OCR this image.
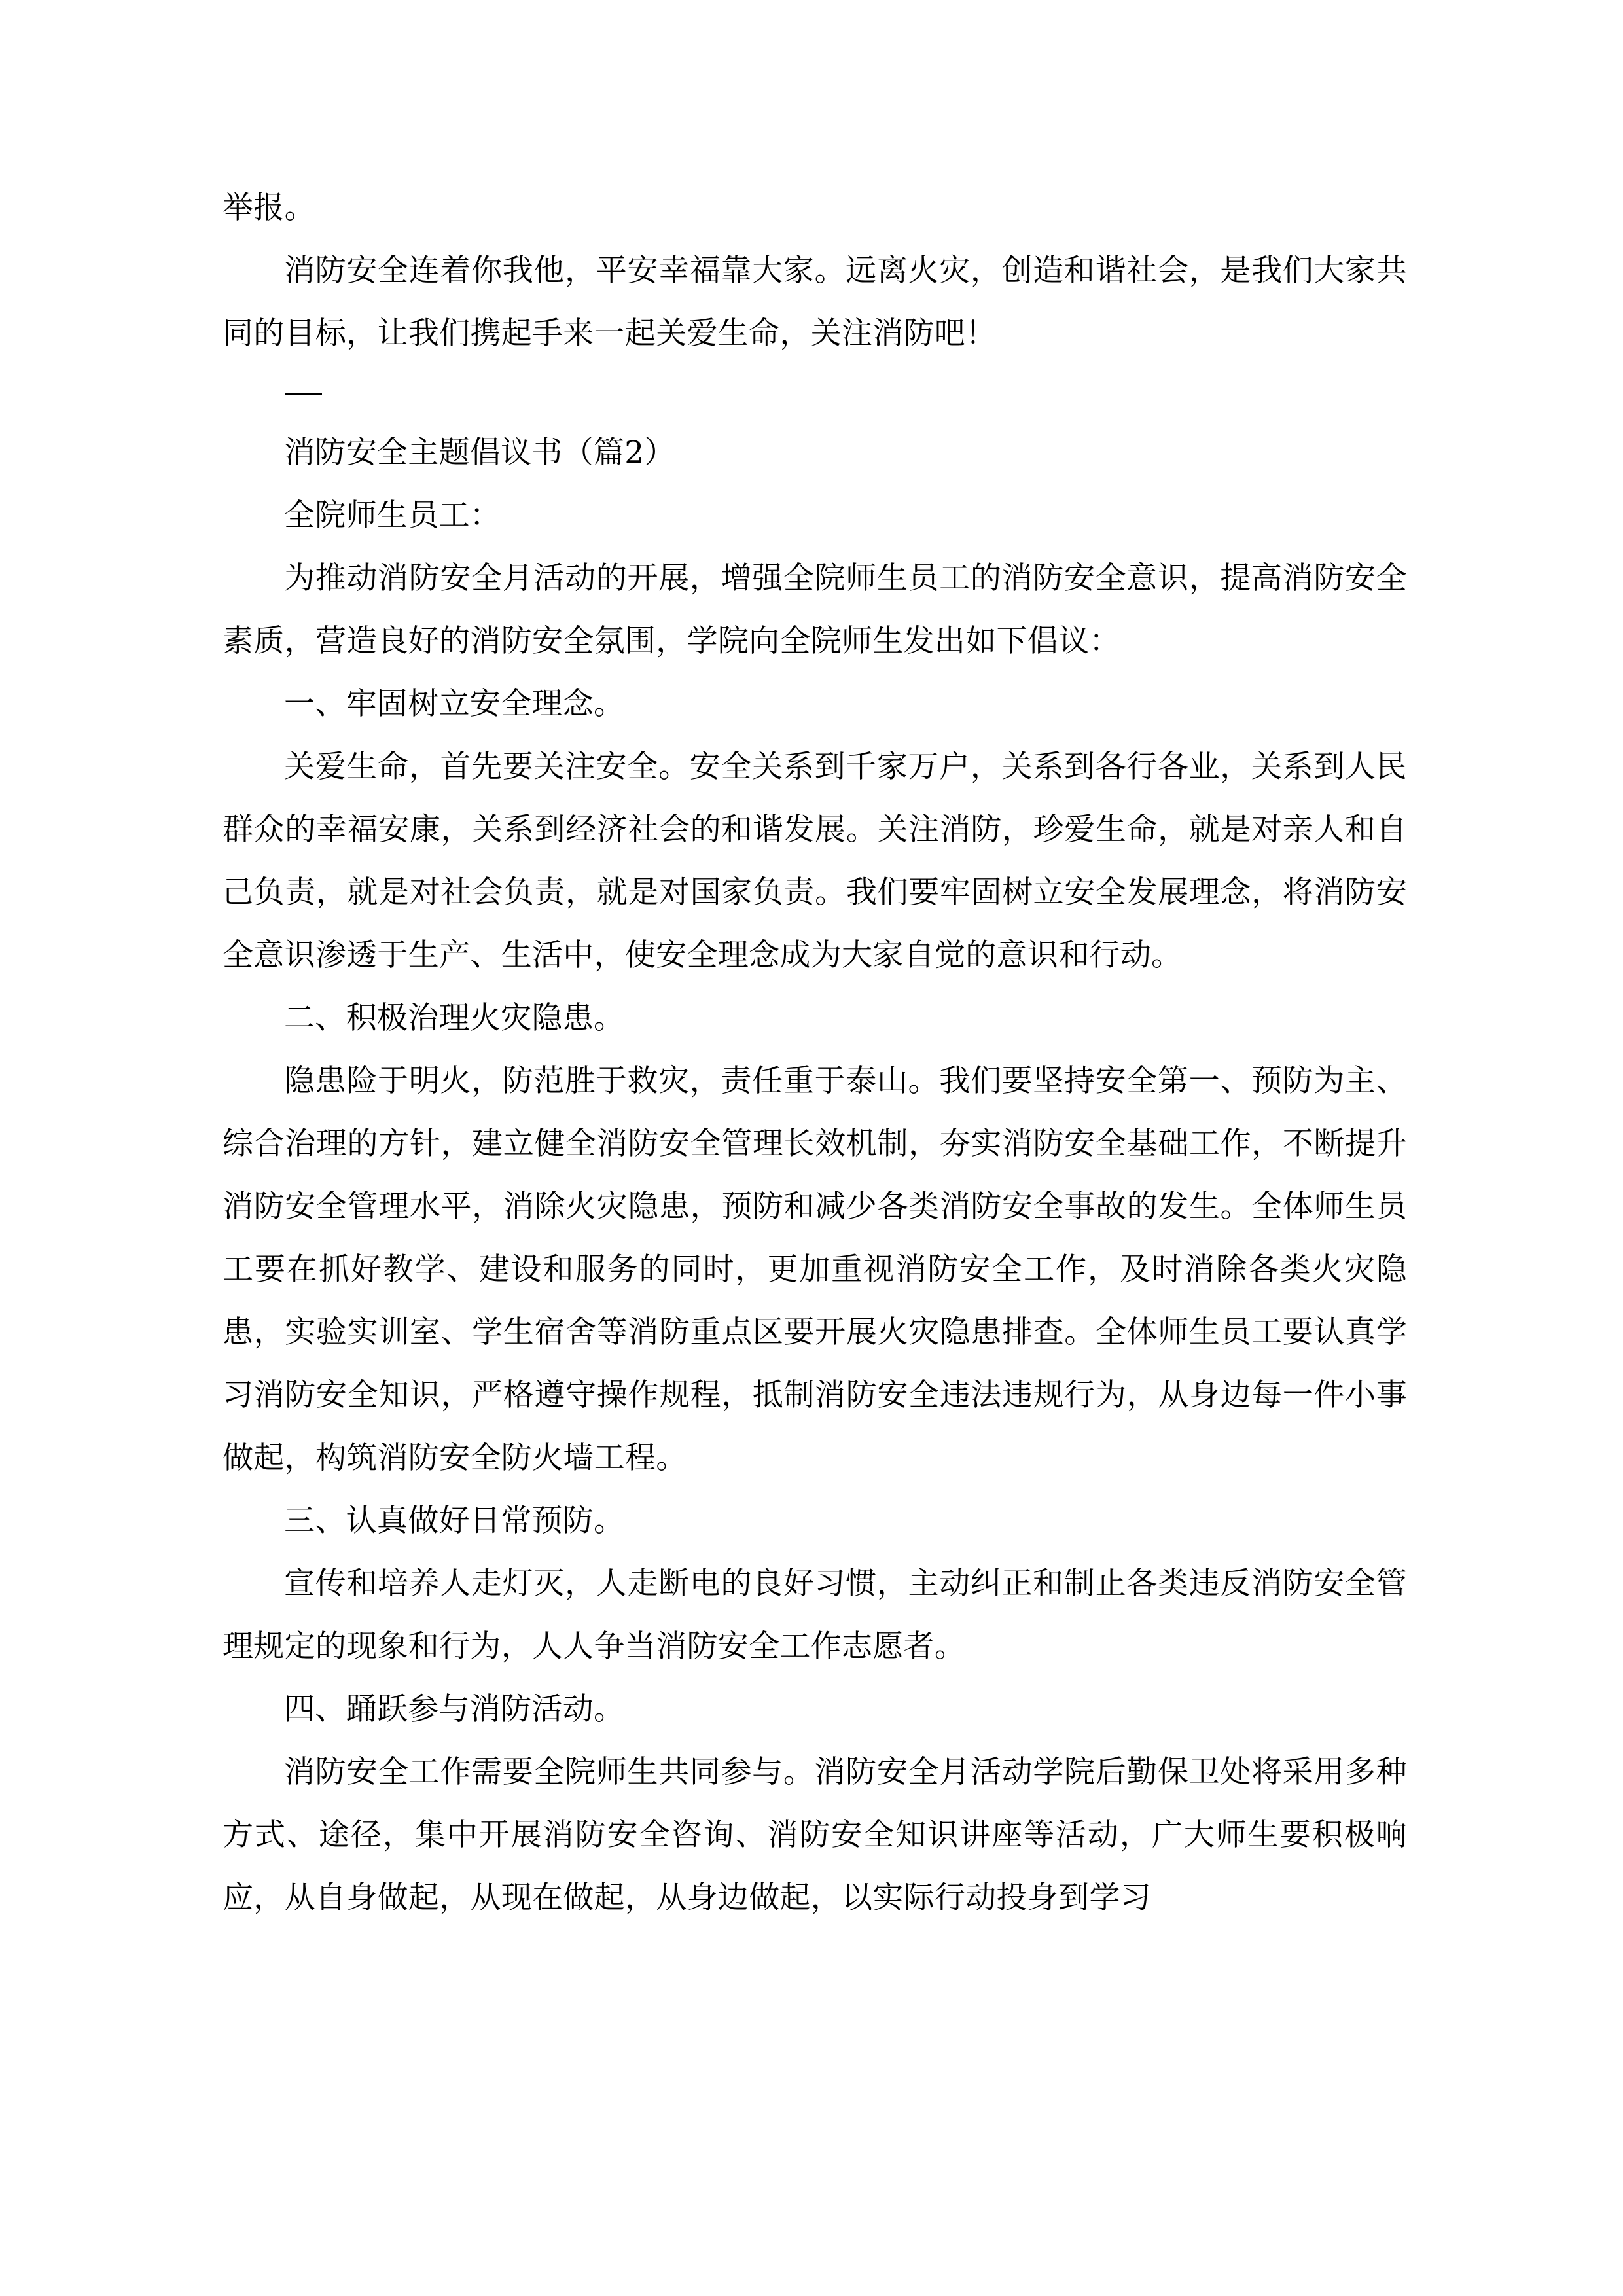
举报。

消防安全连着你我他，平安幸福靠大家。远离火灾，创造和谐社会，是我们大家共同的目标，让我们携起手来一起关爱生命，关注消防吧！

消防安全主题倡议书（篇2）

全院师生员工：

为推动消防安全月活动的开展，增强全院师生员工的消防安全意识，提高消防安全素质，营造良好的消防安全氛围，学院向全院师生发出如下倡议：

一、牢固树立安全理念。

关爱生命，首先要关注安全。安全关系到千家万户，关系到各行各业，关系到人民群众的幸福安康，关系到经济社会的和谐发展。关注消防，珍爱生命，就是对亲人和自己负责，就是对社会负责，就是对国家负责。我们要牢固树立安全发展理念，将消防安全意识渗透于生产、生活中，使安全理念成为大家自觉的意识和行动。

二、积极治理火灾隐患。

隐患险于明火，防范胜于救灾，责任重于泰山。我们要坚持安全第一、预防为主、综合治理的方针，建立健全消防安全管理长效机制，夯实消防安全基础工作，不断提升消防安全管理水平，消除火灾隐患，预防和减少各类消防安全事故的发生。全体师生员工要在抓好教学、建设和服务的同时，更加重视消防安全工作，及时消除各类火灾隐患，实验实训室、学生宿舍等消防重点区要开展火灾隐患排查。全体师生员工要认真学习消防安全知识，严格遵守操作规程，抵制消防安全违法违规行为，从身边每一件小事做起，构筑消防安全防火墙工程。

三、认真做好日常预防。

宣传和培养人走灯灭，人走断电的良好习惯，主动纠正和制止各类违反消防安全管理规定的现象和行为，人人争当消防安全工作志愿者。

四、踊跃参与消防活动。

消防安全工作需要全院师生共同参与。消防安全月活动学院后勤保卫处将采用多种方式、途径，集中开展消防安全咨询、消防安全知识讲座等活动，广大师生要积极响应，从自身做起，从现在做起，从身边做起，以实际行动投身到学习
